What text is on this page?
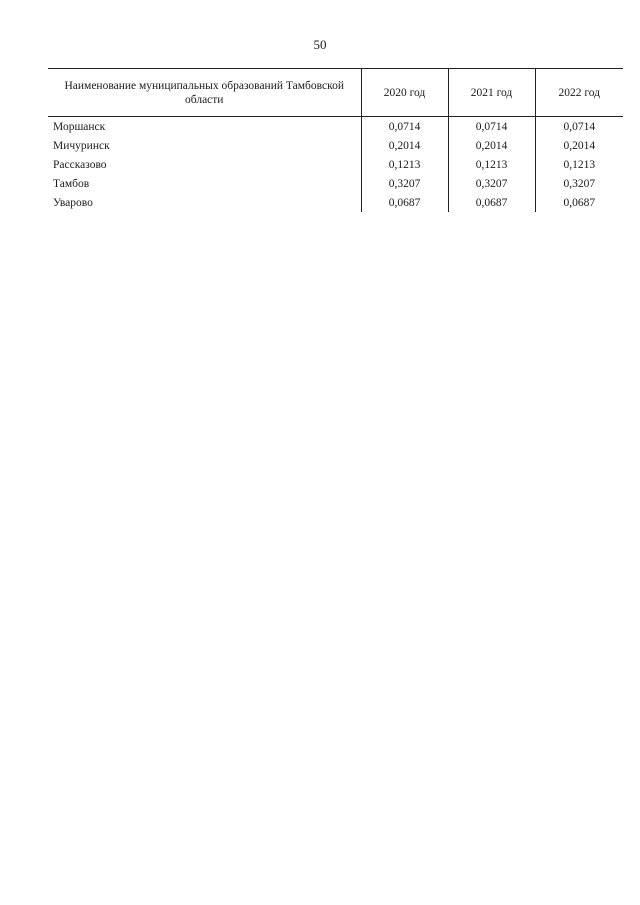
50
Наименование муниципальных образований Тамбовской области	2020 год	2021 год	2022 год
Моршанск	0,0714	0,0714	0,0714
Мичуринск	0,2014	0,2014	0,2014
Рассказово	0,1213	0,1213	0,1213
Тамбов	0,3207	0,3207	0,3207
Уварово	0,0687	0,0687	0,0687
